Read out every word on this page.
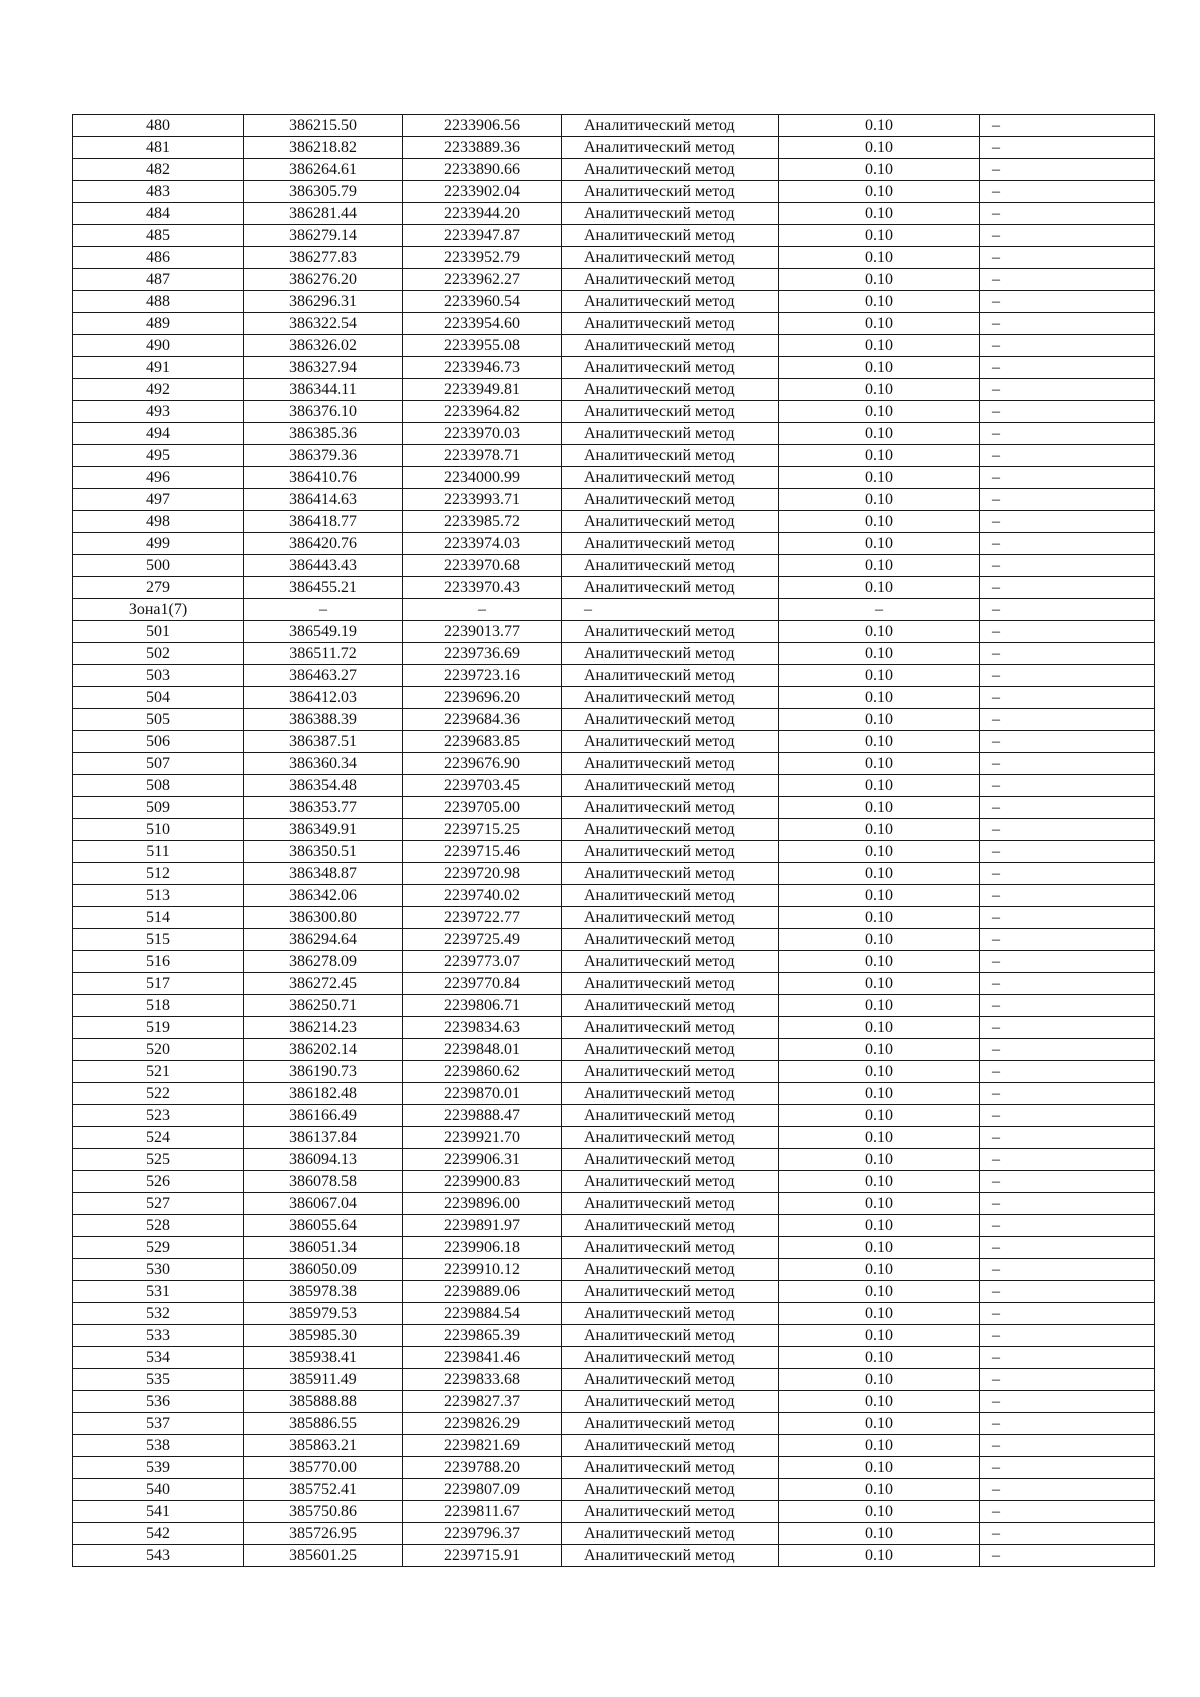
480	386215.50	2233906.56	Аналитический метод	0.10	–
481	386218.82	2233889.36	Аналитический метод	0.10	–
482	386264.61	2233890.66	Аналитический метод	0.10	–
483	386305.79	2233902.04	Аналитический метод	0.10	–
484	386281.44	2233944.20	Аналитический метод	0.10	–
485	386279.14	2233947.87	Аналитический метод	0.10	–
486	386277.83	2233952.79	Аналитический метод	0.10	–
487	386276.20	2233962.27	Аналитический метод	0.10	–
488	386296.31	2233960.54	Аналитический метод	0.10	–
489	386322.54	2233954.60	Аналитический метод	0.10	–
490	386326.02	2233955.08	Аналитический метод	0.10	–
491	386327.94	2233946.73	Аналитический метод	0.10	–
492	386344.11	2233949.81	Аналитический метод	0.10	–
493	386376.10	2233964.82	Аналитический метод	0.10	–
494	386385.36	2233970.03	Аналитический метод	0.10	–
495	386379.36	2233978.71	Аналитический метод	0.10	–
496	386410.76	2234000.99	Аналитический метод	0.10	–
497	386414.63	2233993.71	Аналитический метод	0.10	–
498	386418.77	2233985.72	Аналитический метод	0.10	–
499	386420.76	2233974.03	Аналитический метод	0.10	–
500	386443.43	2233970.68	Аналитический метод	0.10	–
279	386455.21	2233970.43	Аналитический метод	0.10	–
Зона1(7)	–	–	–	–	–
501	386549.19	2239013.77	Аналитический метод	0.10	–
502	386511.72	2239736.69	Аналитический метод	0.10	–
503	386463.27	2239723.16	Аналитический метод	0.10	–
504	386412.03	2239696.20	Аналитический метод	0.10	–
505	386388.39	2239684.36	Аналитический метод	0.10	–
506	386387.51	2239683.85	Аналитический метод	0.10	–
507	386360.34	2239676.90	Аналитический метод	0.10	–
508	386354.48	2239703.45	Аналитический метод	0.10	–
509	386353.77	2239705.00	Аналитический метод	0.10	–
510	386349.91	2239715.25	Аналитический метод	0.10	–
511	386350.51	2239715.46	Аналитический метод	0.10	–
512	386348.87	2239720.98	Аналитический метод	0.10	–
513	386342.06	2239740.02	Аналитический метод	0.10	–
514	386300.80	2239722.77	Аналитический метод	0.10	–
515	386294.64	2239725.49	Аналитический метод	0.10	–
516	386278.09	2239773.07	Аналитический метод	0.10	–
517	386272.45	2239770.84	Аналитический метод	0.10	–
518	386250.71	2239806.71	Аналитический метод	0.10	–
519	386214.23	2239834.63	Аналитический метод	0.10	–
520	386202.14	2239848.01	Аналитический метод	0.10	–
521	386190.73	2239860.62	Аналитический метод	0.10	–
522	386182.48	2239870.01	Аналитический метод	0.10	–
523	386166.49	2239888.47	Аналитический метод	0.10	–
524	386137.84	2239921.70	Аналитический метод	0.10	–
525	386094.13	2239906.31	Аналитический метод	0.10	–
526	386078.58	2239900.83	Аналитический метод	0.10	–
527	386067.04	2239896.00	Аналитический метод	0.10	–
528	386055.64	2239891.97	Аналитический метод	0.10	–
529	386051.34	2239906.18	Аналитический метод	0.10	–
530	386050.09	2239910.12	Аналитический метод	0.10	–
531	385978.38	2239889.06	Аналитический метод	0.10	–
532	385979.53	2239884.54	Аналитический метод	0.10	–
533	385985.30	2239865.39	Аналитический метод	0.10	–
534	385938.41	2239841.46	Аналитический метод	0.10	–
535	385911.49	2239833.68	Аналитический метод	0.10	–
536	385888.88	2239827.37	Аналитический метод	0.10	–
537	385886.55	2239826.29	Аналитический метод	0.10	–
538	385863.21	2239821.69	Аналитический метод	0.10	–
539	385770.00	2239788.20	Аналитический метод	0.10	–
540	385752.41	2239807.09	Аналитический метод	0.10	–
541	385750.86	2239811.67	Аналитический метод	0.10	–
542	385726.95	2239796.37	Аналитический метод	0.10	–
543	385601.25	2239715.91	Аналитический метод	0.10	–
